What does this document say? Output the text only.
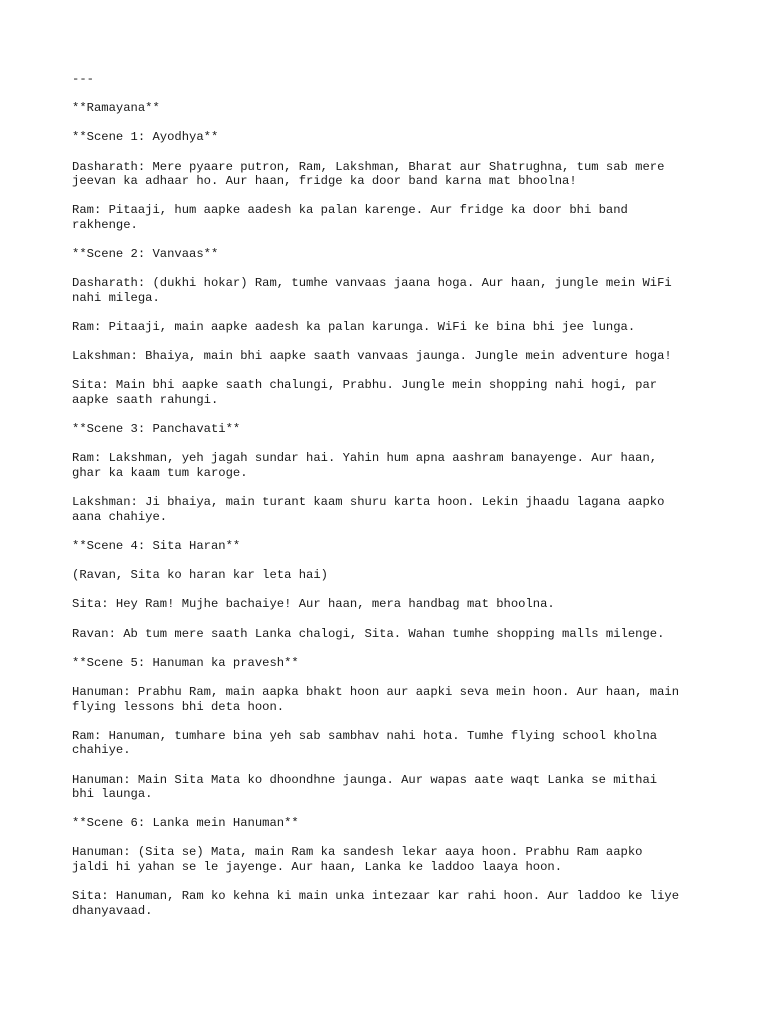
---

**Ramayana**

**Scene 1: Ayodhya**

Dasharath: Mere pyaare putron, Ram, Lakshman, Bharat aur Shatrughna, tum sab mere
jeevan ka adhaar ho. Aur haan, fridge ka door band karna mat bhoolna!

Ram: Pitaaji, hum aapke aadesh ka palan karenge. Aur fridge ka door bhi band
rakhenge.

**Scene 2: Vanvaas**

Dasharath: (dukhi hokar) Ram, tumhe vanvaas jaana hoga. Aur haan, jungle mein WiFi
nahi milega.

Ram: Pitaaji, main aapke aadesh ka palan karunga. WiFi ke bina bhi jee lunga.

Lakshman: Bhaiya, main bhi aapke saath vanvaas jaunga. Jungle mein adventure hoga!

Sita: Main bhi aapke saath chalungi, Prabhu. Jungle mein shopping nahi hogi, par
aapke saath rahungi.

**Scene 3: Panchavati**

Ram: Lakshman, yeh jagah sundar hai. Yahin hum apna aashram banayenge. Aur haan,
ghar ka kaam tum karoge.

Lakshman: Ji bhaiya, main turant kaam shuru karta hoon. Lekin jhaadu lagana aapko
aana chahiye.

**Scene 4: Sita Haran**

(Ravan, Sita ko haran kar leta hai)

Sita: Hey Ram! Mujhe bachaiye! Aur haan, mera handbag mat bhoolna.

Ravan: Ab tum mere saath Lanka chalogi, Sita. Wahan tumhe shopping malls milenge.

**Scene 5: Hanuman ka pravesh**

Hanuman: Prabhu Ram, main aapka bhakt hoon aur aapki seva mein hoon. Aur haan, main
flying lessons bhi deta hoon.

Ram: Hanuman, tumhare bina yeh sab sambhav nahi hota. Tumhe flying school kholna
chahiye.

Hanuman: Main Sita Mata ko dhoondhne jaunga. Aur wapas aate waqt Lanka se mithai
bhi launga.

**Scene 6: Lanka mein Hanuman**

Hanuman: (Sita se) Mata, main Ram ka sandesh lekar aaya hoon. Prabhu Ram aapko
jaldi hi yahan se le jayenge. Aur haan, Lanka ke laddoo laaya hoon.

Sita: Hanuman, Ram ko kehna ki main unka intezaar kar rahi hoon. Aur laddoo ke liye
dhanyavaad.
